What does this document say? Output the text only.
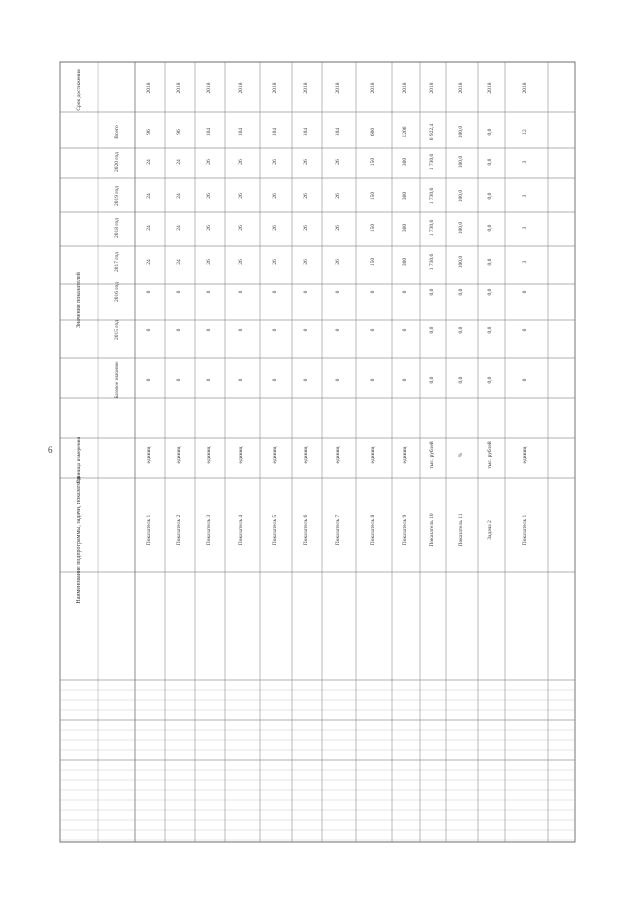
6
Наименование подпрограммы, задачи, показателя
Единица измерения
Значения показателей
Срок достижения
Всего
2015 год
2016 год
2017 год
2018 год
2019 год
2020 год
Базовое значение
Показатель 1
единиц
0
0
0
24
24
24
24
96
2018
Показатель 2
единиц
0
0
0
24
24
24
24
96
2018
Показатель 3
единиц
0
0
0
26
26
26
26
104
2018
Показатель 4
единиц
0
0
0
26
26
26
26
104
2018
Показатель 5
единиц
0
0
0
26
26
26
26
104
2018
Показатель 6
единиц
0
0
0
26
26
26
26
104
2018
Показатель 7
единиц
0
0
0
26
26
26
26
104
2018
Показатель 8
единиц
0
0
0
150
150
150
150
600
2018
Показатель 9
единиц
0
0
0
300
300
300
300
1200
2018
Показатель 10
тыс. рублей
0,0
0,0
0,0
1 730,6
1 730,6
1 730,6
1 730,6
6 922,4
2018
Показатель 11
%
0,0
0,0
0,0
100,0
100,0
100,0
100,0
100,0
2018
Задача 2
тыс. рублей
0,0
0,0
0,0
0,0
0,0
0,0
0,0
0,0
2018
Показатель 1
единиц
0
0
0
3
3
3
3
12
2018
